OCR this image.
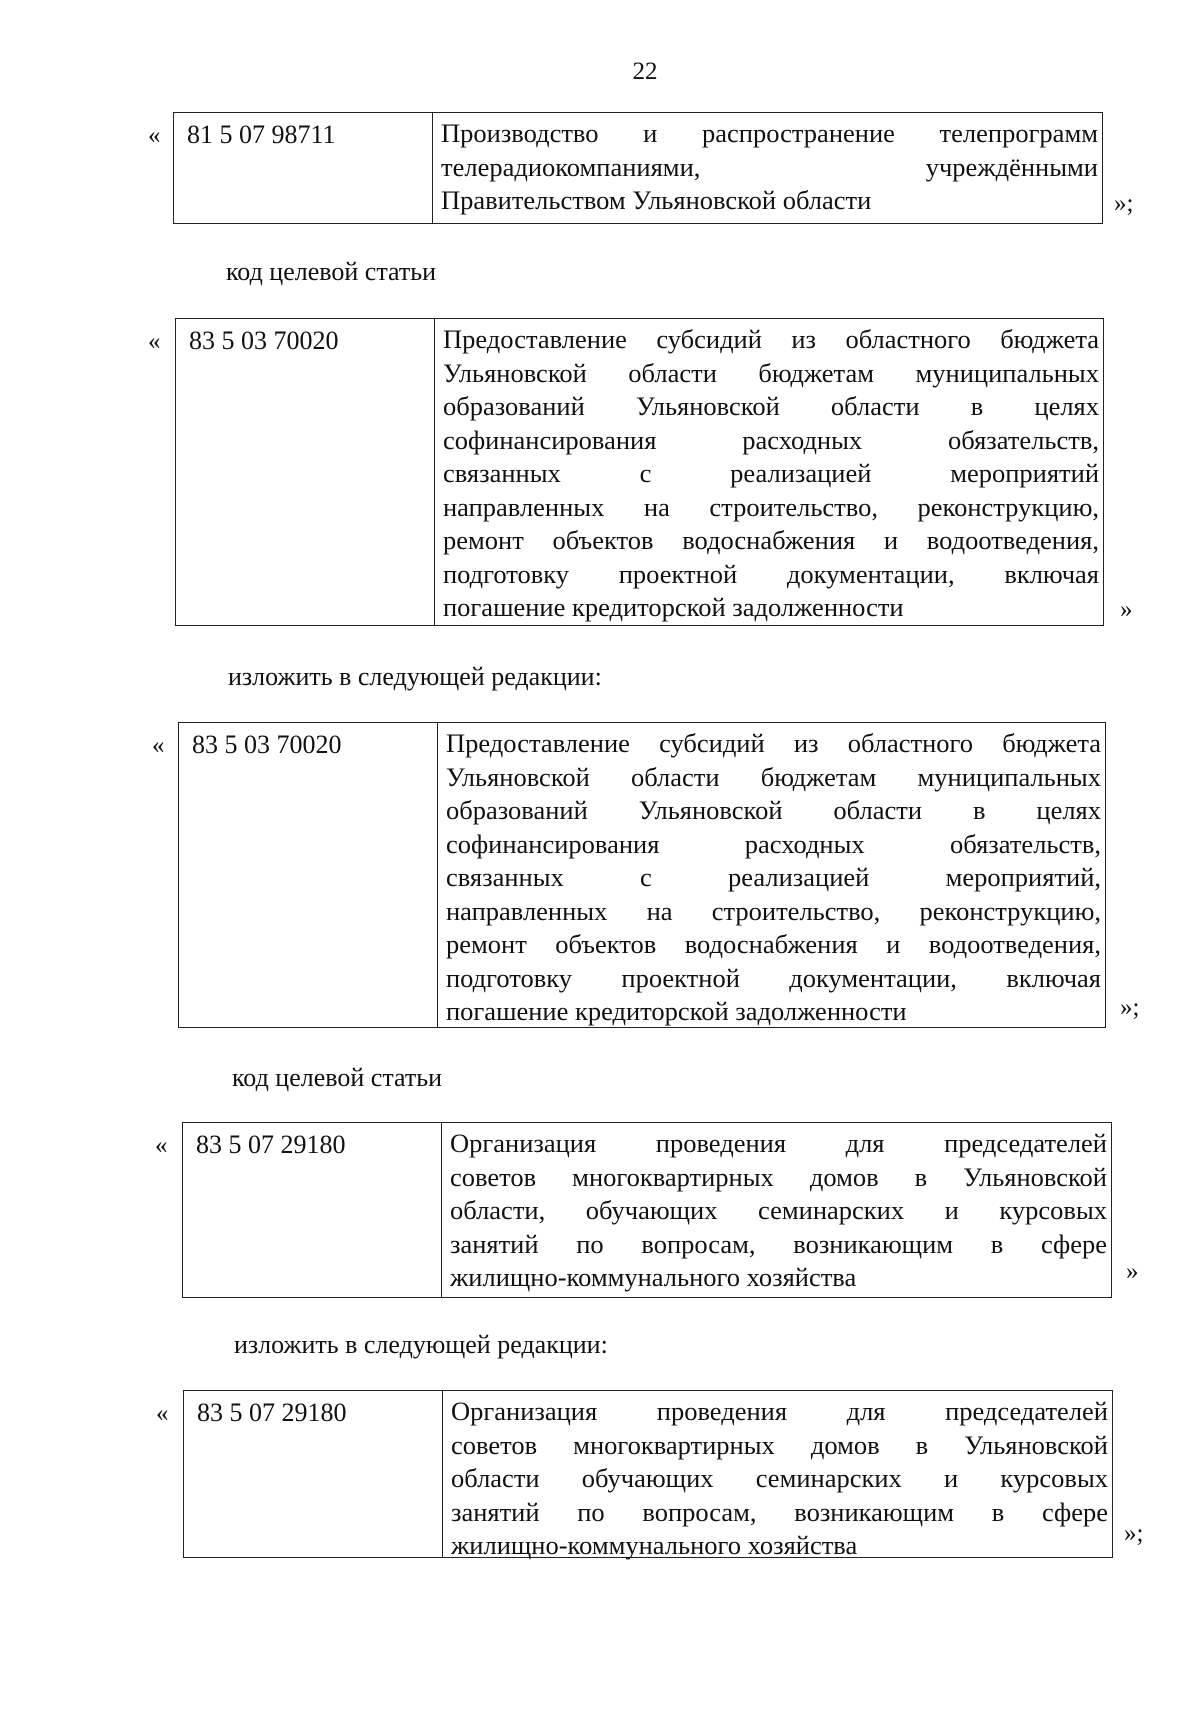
22
«	81 5 07 98711	Производство и распространение телепрограмм
телерадиокомпаниями, учреждёнными
Правительством Ульяновской области	»;
код целевой статьи
«	83 5 03 70020	Предоставление субсидий из областного бюджета
Ульяновской области бюджетам муниципальных
образований Ульяновской области в целях
софинансирования расходных обязательств,
связанных с реализацией мероприятий
направленных на строительство, реконструкцию,
ремонт объектов водоснабжения и водоотведения,
подготовку проектной документации, включая
погашение кредиторской задолженности	»
изложить в следующей редакции:
«	83 5 03 70020	Предоставление субсидий из областного бюджета
Ульяновской области бюджетам муниципальных
образований Ульяновской области в целях
софинансирования расходных обязательств,
связанных с реализацией мероприятий,
направленных на строительство, реконструкцию,
ремонт объектов водоснабжения и водоотведения,
подготовку проектной документации, включая
погашение кредиторской задолженности	»;
код целевой статьи
«	83 5 07 29180	Организация проведения для председателей
советов многоквартирных домов в Ульяновской
области, обучающих семинарских и курсовых
занятий по вопросам, возникающим в сфере
жилищно-коммунального хозяйства	»
изложить в следующей редакции:
«	83 5 07 29180	Организация проведения для председателей
советов многоквартирных домов в Ульяновской
области обучающих семинарских и курсовых
занятий по вопросам, возникающим в сфере
жилищно-коммунального хозяйства	»;
